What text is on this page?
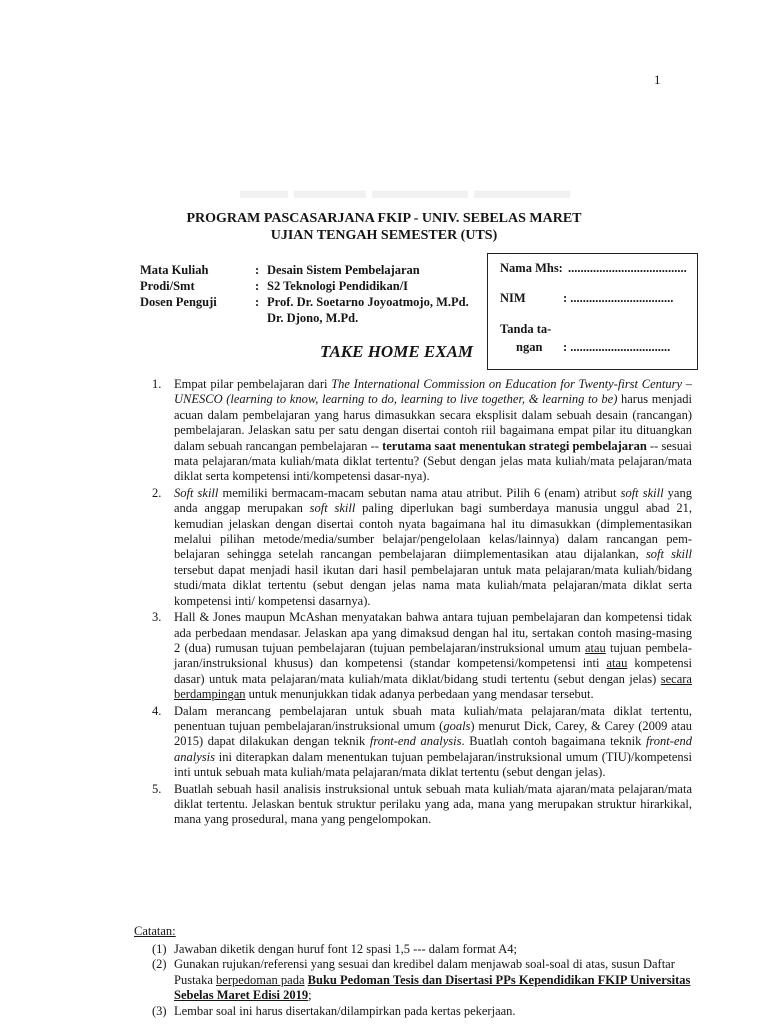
▬▬ ▬▬▬ ▬▬▬▬ ▬▬▬▬
1
PROGRAM PASCASARJANA FKIP - UNIV. SEBELAS MARET
UJIAN TENGAH SEMESTER (UTS)
Mata Kuliah	: Desain Sistem Pembelajaran
Prodi/Smt	: S2 Teknologi Pendidikan/I
Dosen Penguji	: Prof. Dr. Soetarno Joyoatmojo, M.Pd.
Dr. Djono, M.Pd.
Nama Mhs: ......................................
NIM	: .................................
Tanda ta-
ngan : ................................
TAKE HOME EXAM
1.	Empat pilar pembelajaran dari The International Commission on Education for Twenty-first Century – UNESCO (learning to know, learning to do, learning to live together, & learning to be) harus menjadi acuan dalam pembelajaran yang harus dimasukkan secara eksplisit dalam sebuah desain (rancangan) pembelajaran. Jelaskan satu per satu dengan disertai contoh riil bagaimana empat pilar itu dituangkan dalam sebuah rancangan pembelajaran -- terutama saat menentukan strategi pembelajaran -- sesuai mata pelajaran/mata kuliah/mata diklat tertentu? (Sebut dengan jelas mata kuliah/mata pelajaran/mata diklat serta kompetensi inti/kompetensi dasar-nya).
2.	Soft skill memiliki bermacam-macam sebutan nama atau atribut. Pilih 6 (enam) atribut soft skill yang anda anggap merupakan soft skill paling diperlukan bagi sumberdaya manusia unggul abad 21, kemudian jelaskan dengan disertai contoh nyata bagaimana hal itu dimasukkan (dimplementasikan melalui pilihan metode/media/sumber belajar/pengelolaan kelas/lainnya) dalam rancangan pem-belajaran sehingga setelah rancangan pembelajaran diimplementasikan atau dijalankan, soft skill tersebut dapat menjadi hasil ikutan dari hasil pembelajaran untuk mata pelajaran/mata kuliah/bidang studi/mata diklat tertentu (sebut dengan jelas nama mata kuliah/mata pelajaran/mata diklat serta kompetensi inti/ kompetensi dasarnya).
3.	Hall & Jones maupun McAshan menyatakan bahwa antara tujuan pembelajaran dan kompetensi tidak ada perbedaan mendasar. Jelaskan apa yang dimaksud dengan hal itu, sertakan contoh masing-masing 2 (dua) rumusan tujuan pembelajaran (tujuan pembelajaran/instruksional umum atau tujuan pembela-jaran/instruksional khusus) dan kompetensi (standar kompetensi/kompetensi inti atau kompetensi dasar) untuk mata pelajaran/mata kuliah/mata diklat/bidang studi tertentu (sebut dengan jelas) secara berdampingan untuk menunjukkan tidak adanya perbedaan yang mendasar tersebut.
4.	Dalam merancang pembelajaran untuk sbuah mata kuliah/mata pelajaran/mata diklat tertentu, penentuan tujuan pembelajaran/instruksional umum (goals) menurut Dick, Carey, & Carey (2009 atau 2015) dapat dilakukan dengan teknik front-end analysis. Buatlah contoh bagaimana teknik front-end analysis ini diterapkan dalam menentukan tujuan pembelajaran/instruksional umum (TIU)/kompetensi inti untuk sebuah mata kuliah/mata pelajaran/mata diklat tertentu (sebut dengan jelas).
5.	Buatlah sebuah hasil analisis instruksional untuk sebuah mata kuliah/mata ajaran/mata pelajaran/mata diklat tertentu. Jelaskan bentuk struktur perilaku yang ada, mana yang merupakan struktur hirarkikal, mana yang prosedural, mana yang pengelompokan.
Catatan:
(1) Jawaban diketik dengan huruf font 12 spasi 1,5 --- dalam format A4;
(2) Gunakan rujukan/referensi yang sesuai dan kredibel dalam menjawab soal-soal di atas, susun Daftar Pustaka berpedoman pada Buku Pedoman Tesis dan Disertasi PPs Kependidikan FKIP Universitas Sebelas Maret Edisi 2019;
(3) Lembar soal ini harus disertakan/dilampirkan pada kertas pekerjaan.
